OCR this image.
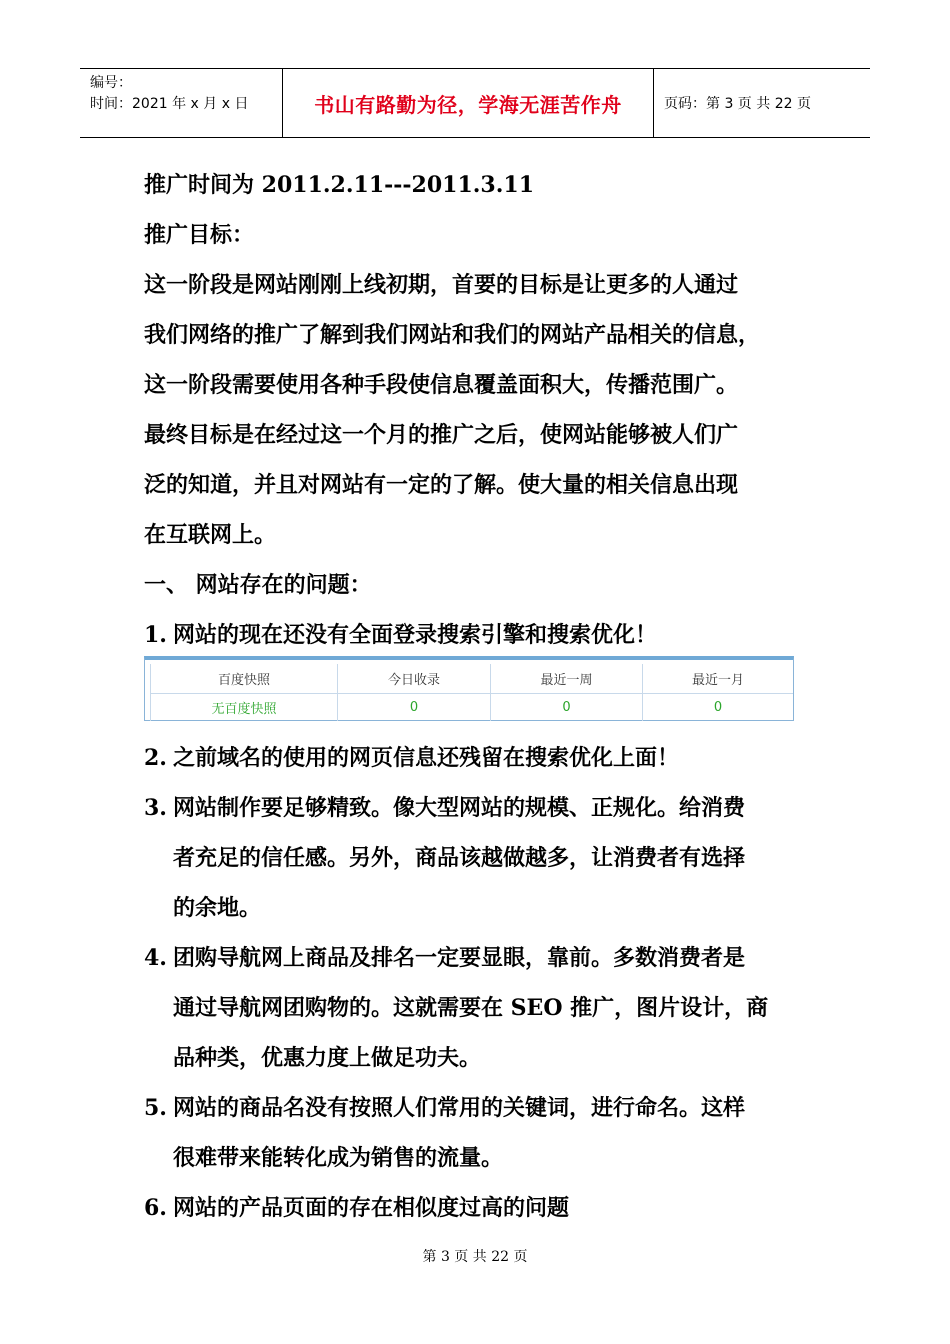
编号：
时间：2021 年 x 月 x 日	书山有路勤为径，学海无涯苦作舟	页码：第 3 页 共 22 页
推广时间为 2011.2.11---2011.3.11
推广目标：
这一阶段是网站刚刚上线初期，首要的目标是让更多的人通过
我们网络的推广了解到我们网站和我们的网站产品相关的信息，
这一阶段需要使用各种手段使信息覆盖面积大，传播范围广。
最终目标是在经过这一个月的推广之后，使网站能够被人们广
泛的知道，并且对网站有一定的了解。使大量的相关信息出现
在互联网上。
一、 网站存在的问题：
1. 网站的现在还没有全面登录搜索引擎和搜索优化！
百度快照	今日收录	最近一周	最近一月
无百度快照	0	0	0
2. 之前域名的使用的网页信息还残留在搜索优化上面！
3. 网站制作要足够精致。像大型网站的规模、正规化。给消费
者充足的信任感。另外，商品该越做越多，让消费者有选择
的余地。
4. 团购导航网上商品及排名一定要显眼，靠前。多数消费者是
通过导航网团购物的。这就需要在 SEO 推广，图片设计，商
品种类，优惠力度上做足功夫。
5. 网站的商品名没有按照人们常用的关键词，进行命名。这样
很难带来能转化成为销售的流量。
6. 网站的产品页面的存在相似度过高的问题
第 3 页 共 22 页
